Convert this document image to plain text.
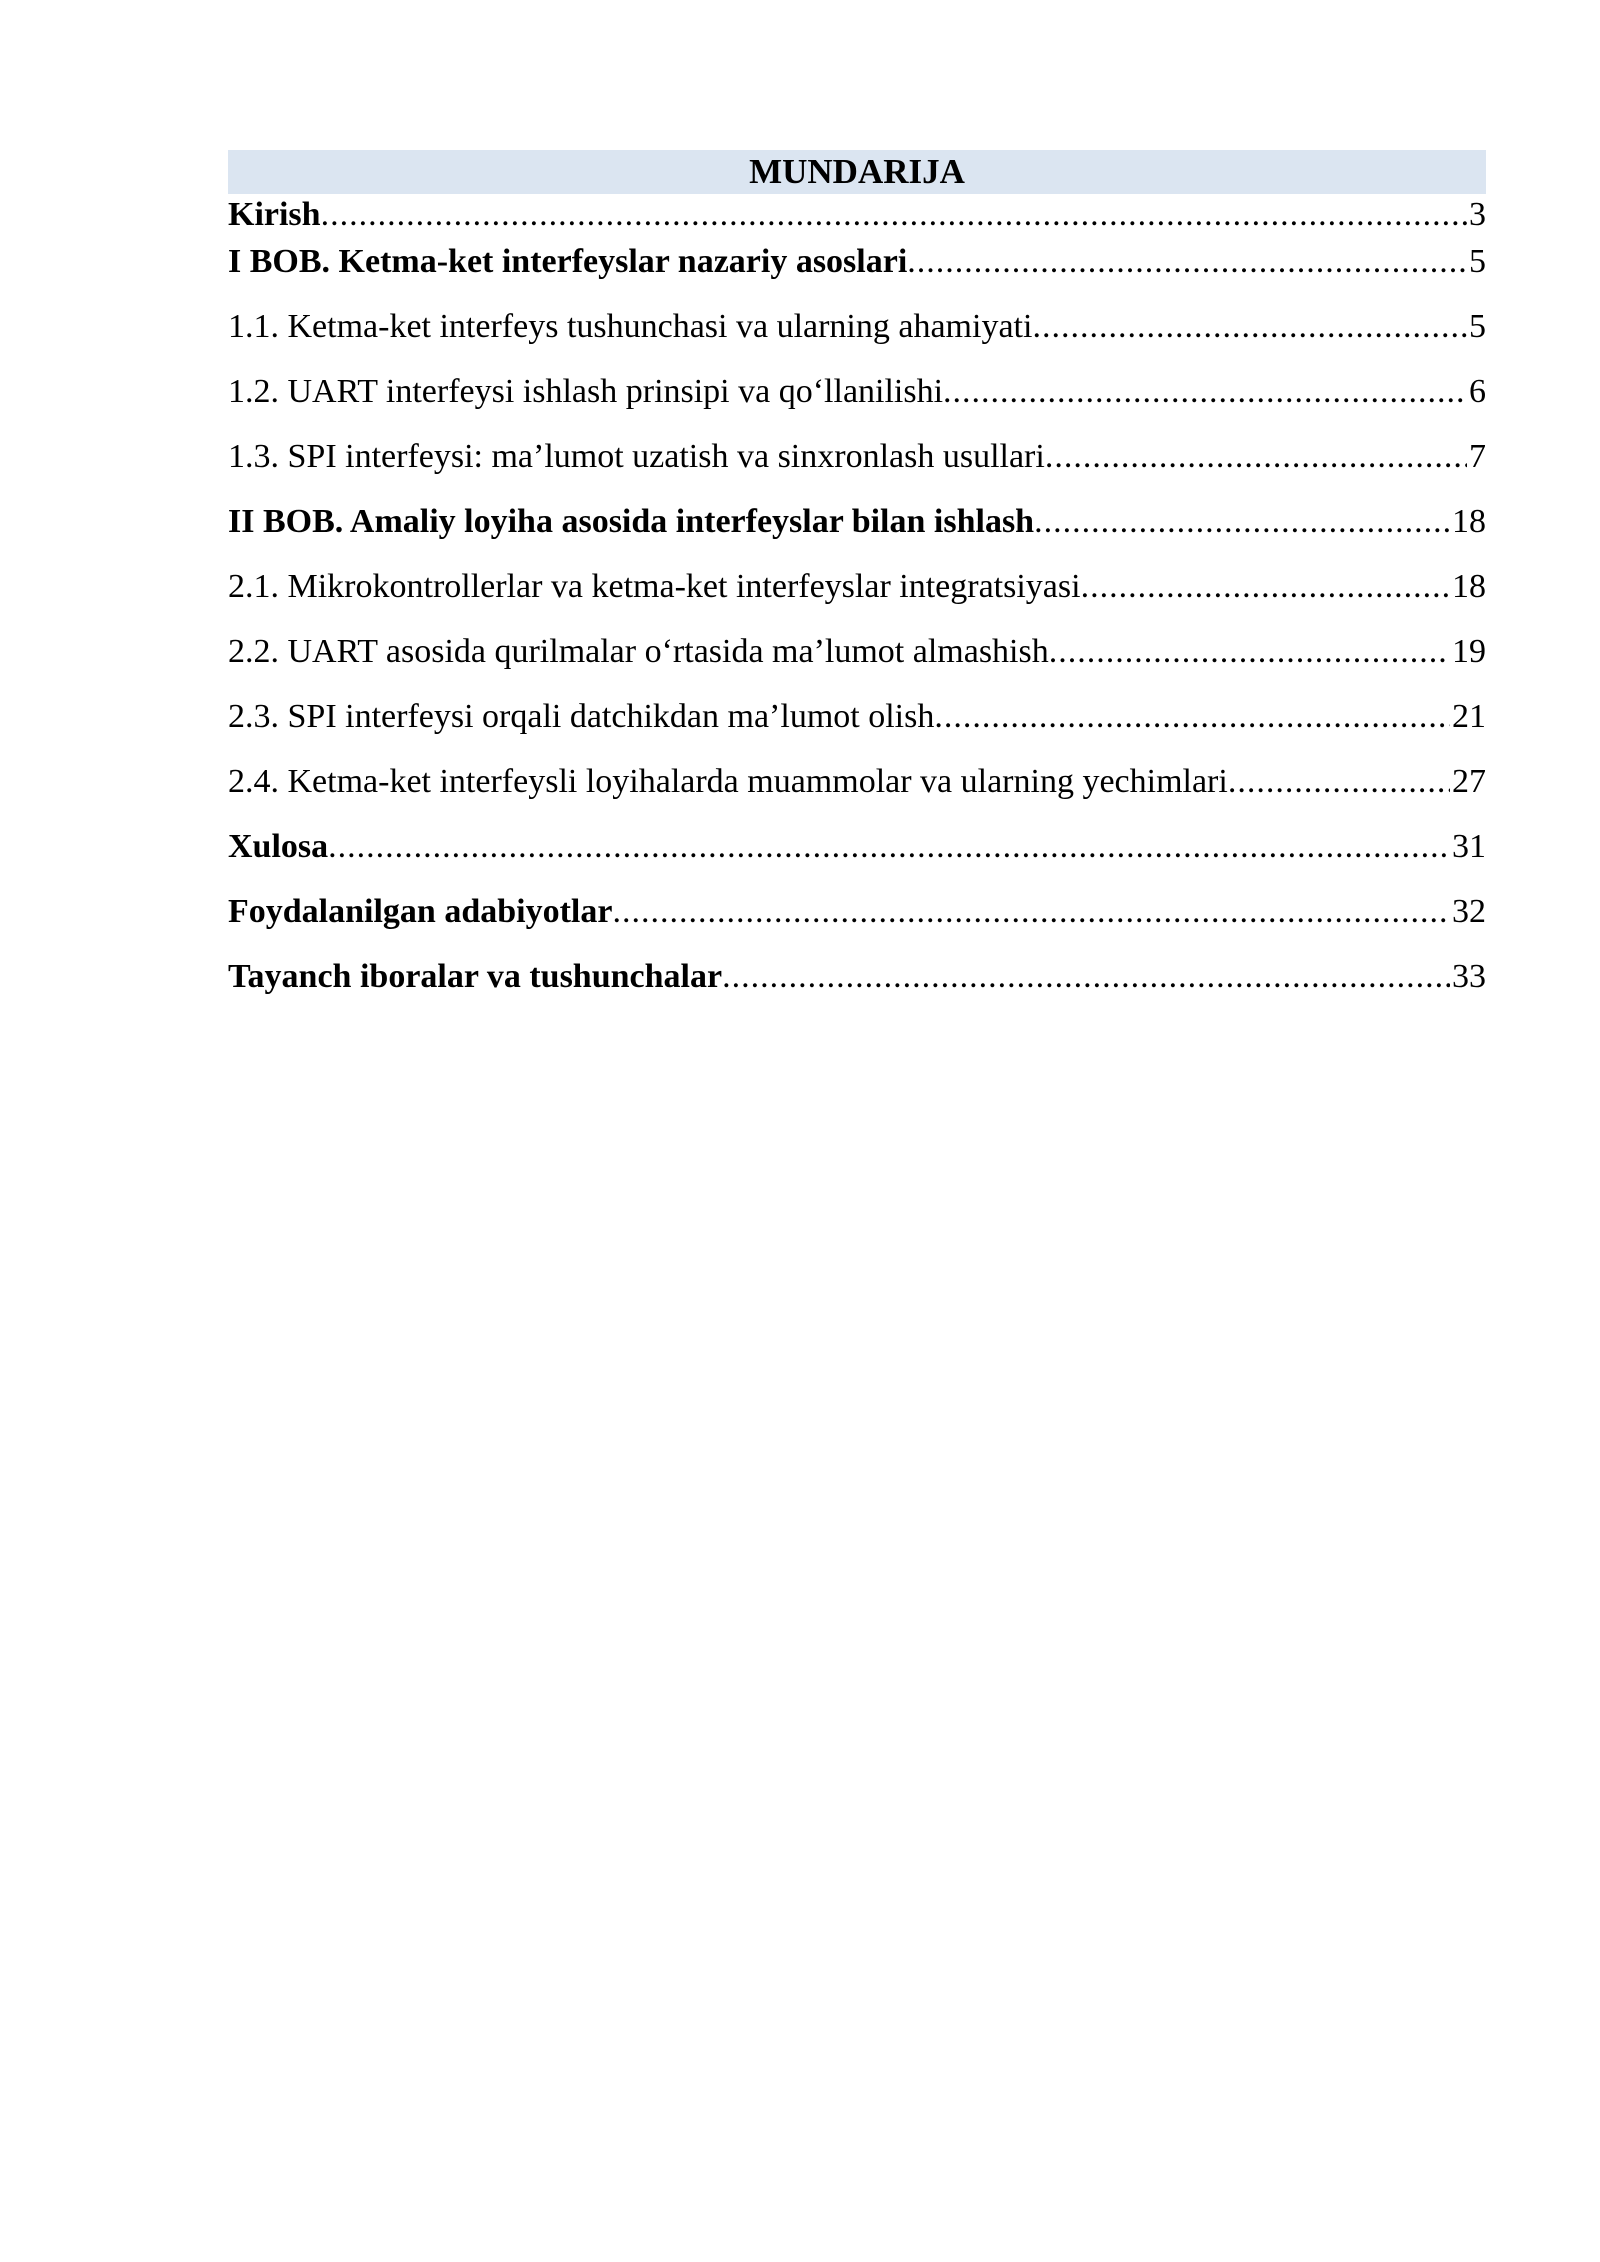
MUNDARIJA
Kirish .....	3
I BOB. Ketma-ket interfeyslar nazariy asoslari .....	5
1.1. Ketma-ket interfeys tushunchasi va ularning ahamiyati .....	5
1.2. UART interfeysi ishlash prinsipi va qo‘llanilishi .....	6
1.3. SPI interfeysi: ma’lumot uzatish va sinxronlash usullari .....	7
II BOB. Amaliy loyiha asosida interfeyslar bilan ishlash .....	18
2.1. Mikrokontrollerlar va ketma-ket interfeyslar integratsiyasi .....	18
2.2. UART asosida qurilmalar o‘rtasida ma’lumot almashish .....	19
2.3. SPI interfeysi orqali datchikdan ma’lumot olish .....	21
2.4. Ketma-ket interfeysli loyihalarda muammolar va ularning yechimlari .....	27
Xulosa .....	31
Foydalanilgan adabiyotlar .....	32
Tayanch iboralar va tushunchalar .....	33
